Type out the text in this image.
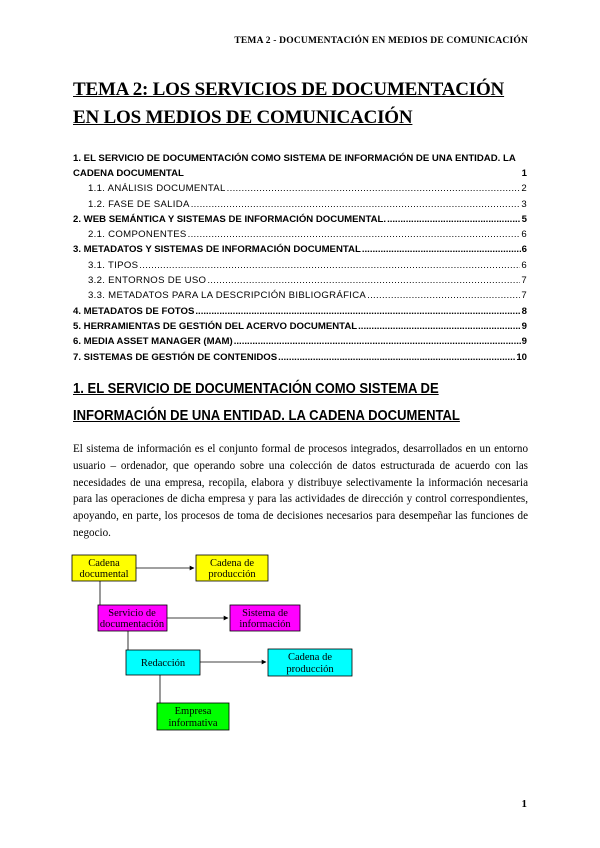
TEMA 2 - DOCUMENTACIÓN EN MEDIOS DE COMUNICACIÓN
TEMA 2: LOS SERVICIOS DE DOCUMENTACIÓN EN LOS MEDIOS DE COMUNICACIÓN
1. EL SERVICIO DE DOCUMENTACIÓN COMO SISTEMA DE INFORMACIÓN DE UNA ENTIDAD. LA CADENA DOCUMENTAL	1
1.1. ANÁLISIS DOCUMENTAL .....	2
1.2. FASE DE SALIDA .....	3
2. WEB SEMÁNTICA Y SISTEMAS DE INFORMACIÓN DOCUMENTAL. .....	5
2.1. COMPONENTES .....	6
3. METADATOS Y SISTEMAS DE INFORMACIÓN DOCUMENTAL .....	6
3.1. TIPOS .....	6
3.2. ENTORNOS DE USO .....	7
3.3. METADATOS PARA LA DESCRIPCIÓN BIBLIOGRÁFICA .....	7
4. METADATOS DE FOTOS .....	8
5. HERRAMIENTAS DE GESTIÓN DEL ACERVO DOCUMENTAL .....	9
6. MEDIA ASSET MANAGER (MAM) .....	9
7. SISTEMAS DE GESTIÓN DE CONTENIDOS .....	10
1. EL SERVICIO DE DOCUMENTACIÓN COMO SISTEMA DE INFORMACIÓN DE UNA ENTIDAD. LA CADENA DOCUMENTAL
El sistema de información es el conjunto formal de procesos integrados, desarrollados en un entorno usuario – ordenador, que operando sobre una colección de datos estructurada de acuerdo con las necesidades de una empresa, recopila, elabora y distribuye selectivamente la información necesaria para las operaciones de dicha empresa y para las actividades de dirección y control correspondientes, apoyando, en parte, los procesos de toma de decisiones necesarios para desempeñar las funciones de negocio.
Cadena
documental
Cadena de
producción
Servicio de
documentación
Sistema de
información
Redacción
Cadena de
producción
Empresa
informativa
1
